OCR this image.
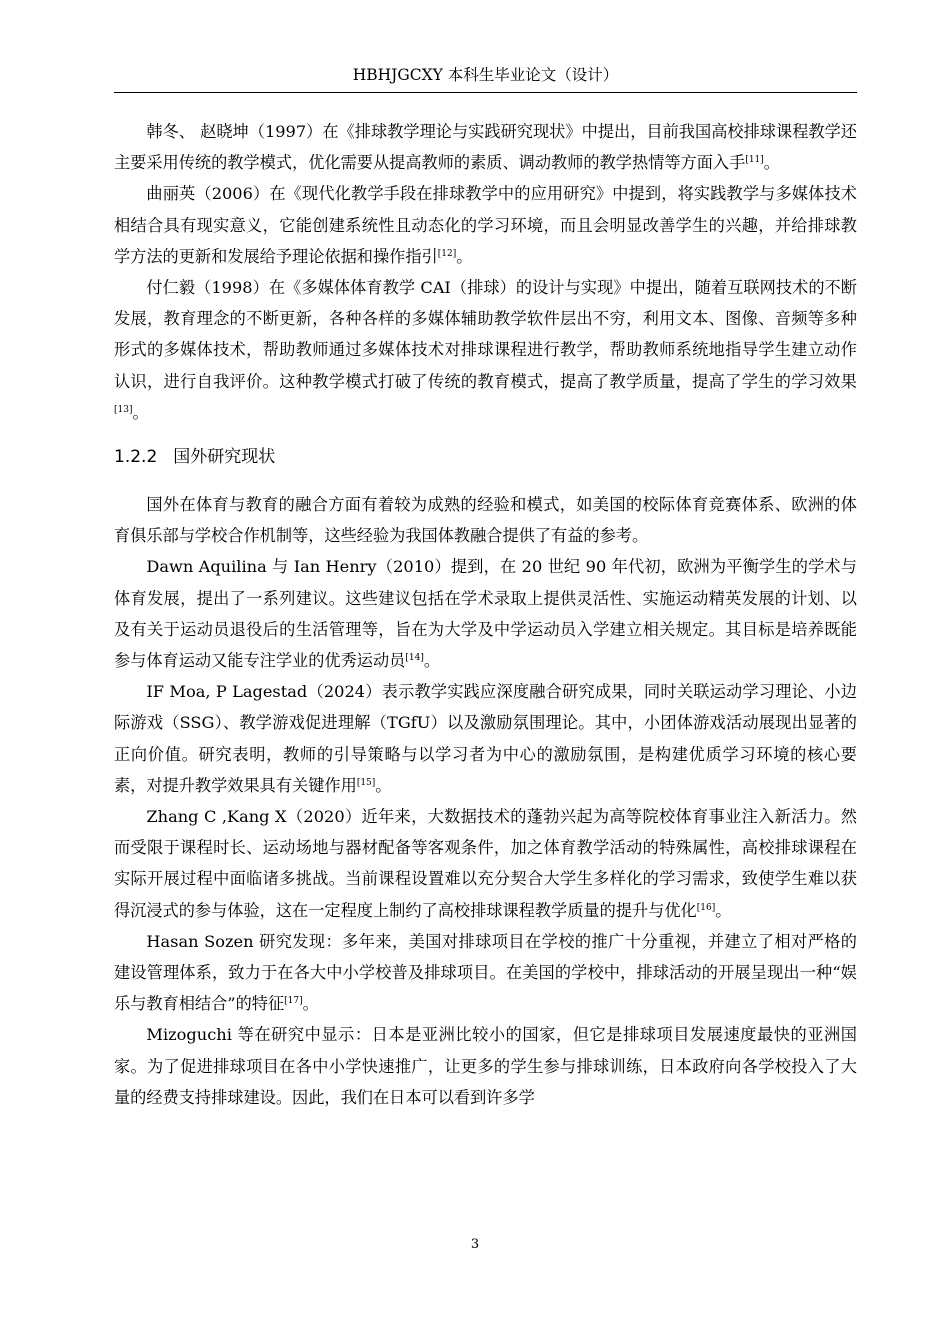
HBHJGCXY 本科生毕业论文（设计）

韩冬、 赵晓坤（1997）在《排球教学理论与实践研究现状》中提出，目前我国高校排球课程教学还主要采用传统的教学模式，优化需要从提高教师的素质、调动教师的教学热情等方面入手[11]。

曲丽英（2006）在《现代化教学手段在排球教学中的应用研究》中提到，将实践教学与多媒体技术相结合具有现实意义，它能创建系统性且动态化的学习环境，而且会明显改善学生的兴趣，并给排球教学方法的更新和发展给予理论依据和操作指引[12]。

付仁毅（1998）在《多媒体体育教学 CAI（排球）的设计与实现》中提出，随着互联网技术的不断发展，教育理念的不断更新，各种各样的多媒体辅助教学软件层出不穷，利用文本、图像、音频等多种形式的多媒体技术，帮助教师通过多媒体技术对排球课程进行教学，帮助教师系统地指导学生建立动作认识，进行自我评价。这种教学模式打破了传统的教育模式，提高了教学质量，提高了学生的学习效果[13]。

1.2.2 国外研究现状

国外在体育与教育的融合方面有着较为成熟的经验和模式，如美国的校际体育竞赛体系、欧洲的体育俱乐部与学校合作机制等，这些经验为我国体教融合提供了有益的参考。

Dawn Aquilina 与 Ian Henry（2010）提到，在 20 世纪 90 年代初，欧洲为平衡学生的学术与体育发展，提出了一系列建议。这些建议包括在学术录取上提供灵活性、实施运动精英发展的计划、以及有关于运动员退役后的生活管理等，旨在为大学及中学运动员入学建立相关规定。其目标是培养既能参与体育运动又能专注学业的优秀运动员[14]。

IF Moa, P Lagestad（2024）表示教学实践应深度融合研究成果，同时关联运动学习理论、小边际游戏（SSG）、教学游戏促进理解（TGfU）以及激励氛围理论。其中，小团体游戏活动展现出显著的正向价值。研究表明，教师的引导策略与以学习者为中心的激励氛围，是构建优质学习环境的核心要素，对提升教学效果具有关键作用[15]。

Zhang C ,Kang X（2020）近年来，大数据技术的蓬勃兴起为高等院校体育事业注入新活力。然而受限于课程时长、运动场地与器材配备等客观条件，加之体育教学活动的特殊属性，高校排球课程在实际开展过程中面临诸多挑战。当前课程设置难以充分契合大学生多样化的学习需求，致使学生难以获得沉浸式的参与体验，这在一定程度上制约了高校排球课程教学质量的提升与优化[16]。

Hasan Sozen 研究发现：多年来，美国对排球项目在学校的推广十分重视，并建立了相对严格的建设管理体系，致力于在各大中小学校普及排球项目。在美国的学校中，排球活动的开展呈现出一种“娱乐与教育相结合”的特征[17]。

Mizoguchi 等在研究中显示：日本是亚洲比较小的国家，但它是排球项目发展速度最快的亚洲国家。为了促进排球项目在各中小学快速推广，让更多的学生参与排球训练，日本政府向各学校投入了大量的经费支持排球建设。因此，我们在日本可以看到许多学

3
